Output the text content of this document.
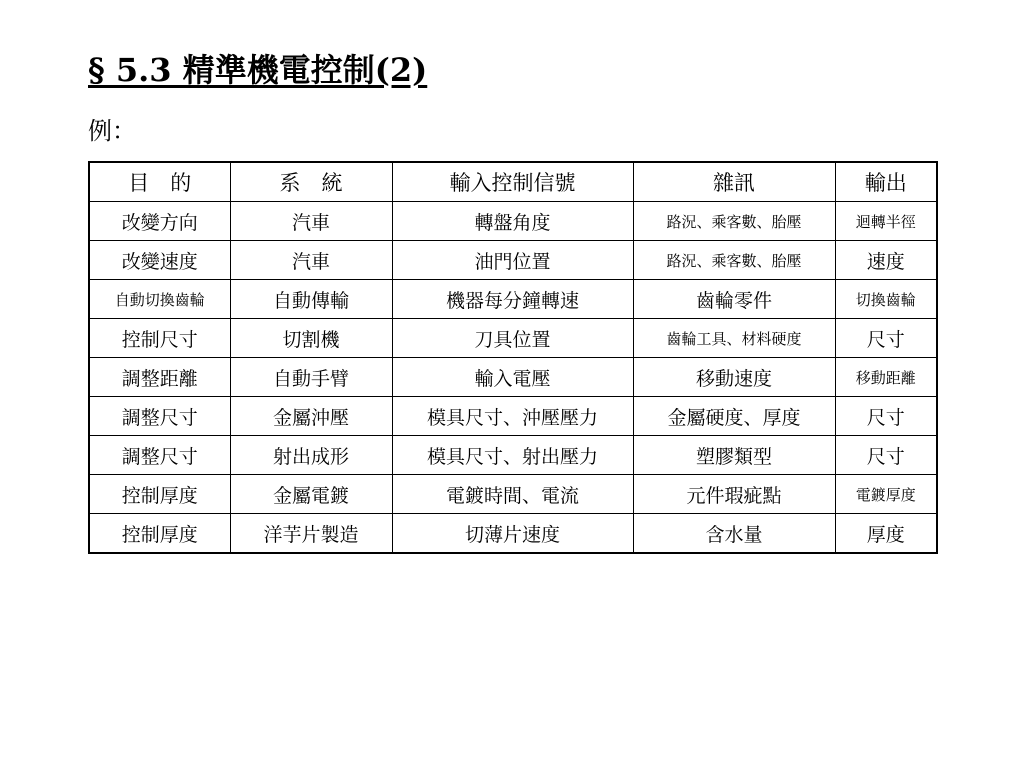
§ 5.3 精準機電控制(2)
例：
目　的	系　統	輸入控制信號	雜訊	輸出
改變方向	汽車	轉盤角度	路況、乘客數、胎壓	迴轉半徑
改變速度	汽車	油門位置	路況、乘客數、胎壓	速度
自動切換齒輪	自動傳輸	機器每分鐘轉速	齒輪零件	切換齒輪
控制尺寸	切割機	刀具位置	齒輪工具、材料硬度	尺寸
調整距離	自動手臂	輸入電壓	移動速度	移動距離
調整尺寸	金屬沖壓	模具尺寸、沖壓壓力	金屬硬度、厚度	尺寸
調整尺寸	射出成形	模具尺寸、射出壓力	塑膠類型	尺寸
控制厚度	金屬電鍍	電鍍時間、電流	元件瑕疵點	電鍍厚度
控制厚度	洋芋片製造	切薄片速度	含水量	厚度
